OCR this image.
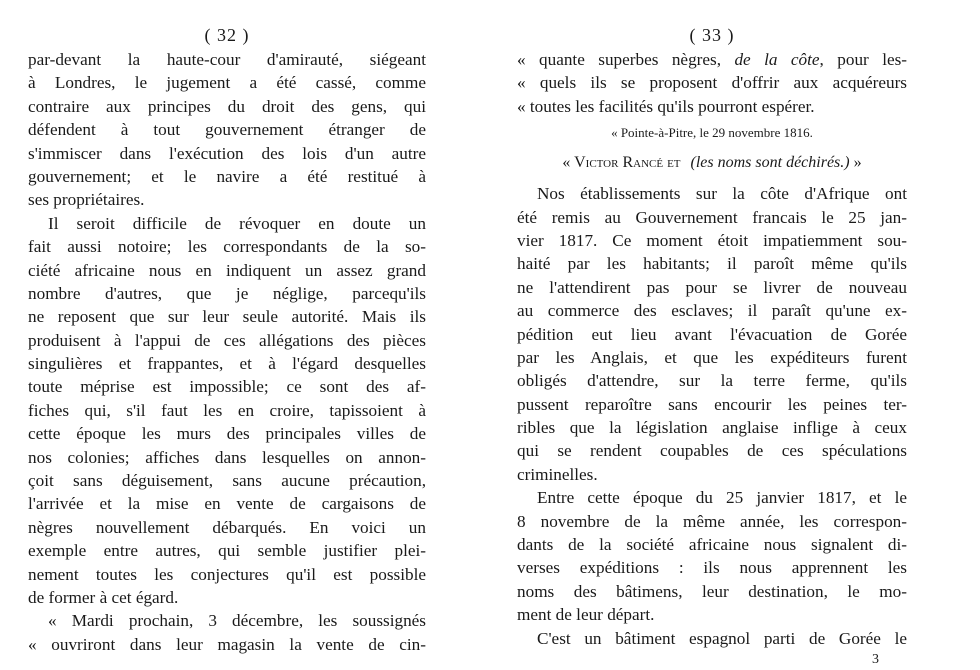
( 32 )
par-devant la haute-cour d'amirauté, siégeant
à Londres, le jugement a été cassé, comme
contraire aux principes du droit des gens, qui
défendent à tout gouvernement étranger de
s'immiscer dans l'exécution des lois d'un autre
gouvernement; et le navire a été restitué à
ses propriétaires.
Il seroit difficile de révoquer en doute un
fait aussi notoire; les correspondants de la so-
ciété africaine nous en indiquent un assez grand
nombre d'autres, que je néglige, parcequ'ils
ne reposent que sur leur seule autorité. Mais ils
produisent à l'appui de ces allégations des pièces
singulières et frappantes, et à l'égard desquelles
toute méprise est impossible; ce sont des af-
fiches qui, s'il faut les en croire, tapissoient à
cette époque les murs des principales villes de
nos colonies; affiches dans lesquelles on annon-
çoit sans déguisement, sans aucune précaution,
l'arrivée et la mise en vente de cargaisons de
nègres nouvellement débarqués. En voici un
exemple entre autres, qui semble justifier plei-
nement toutes les conjectures qu'il est possible
de former à cet égard.
« Mardi prochain, 3 décembre, les soussignés
« ouvriront dans leur magasin la vente de cin-
( 33 )
« quante superbes nègres, de la côte, pour les-
« quels ils se proposent d'offrir aux acquéreurs
« toutes les facilités qu'ils pourront espérer.
« Pointe-à-Pitre, le 29 novembre 1816.
« Victor Rancé et (les noms sont déchirés.) »
Nos établissements sur la côte d'Afrique ont
été remis au Gouvernement francais le 25 jan-
vier 1817. Ce moment étoit impatiemment sou-
haité par les habitants; il paroît même qu'ils
ne l'attendirent pas pour se livrer de nouveau
au commerce des esclaves; il paraît qu'une ex-
pédition eut lieu avant l'évacuation de Gorée
par les Anglais, et que les expéditeurs furent
obligés d'attendre, sur la terre ferme, qu'ils
pussent reparoître sans encourir les peines ter-
ribles que la législation anglaise inflige à ceux
qui se rendent coupables de ces spéculations
criminelles.
Entre cette époque du 25 janvier 1817, et le
8 novembre de la même année, les correspon-
dants de la société africaine nous signalent di-
verses expéditions : ils nous apprennent les
noms des bâtimens, leur destination, le mo-
ment de leur départ.
C'est un bâtiment espagnol parti de Gorée le
3
